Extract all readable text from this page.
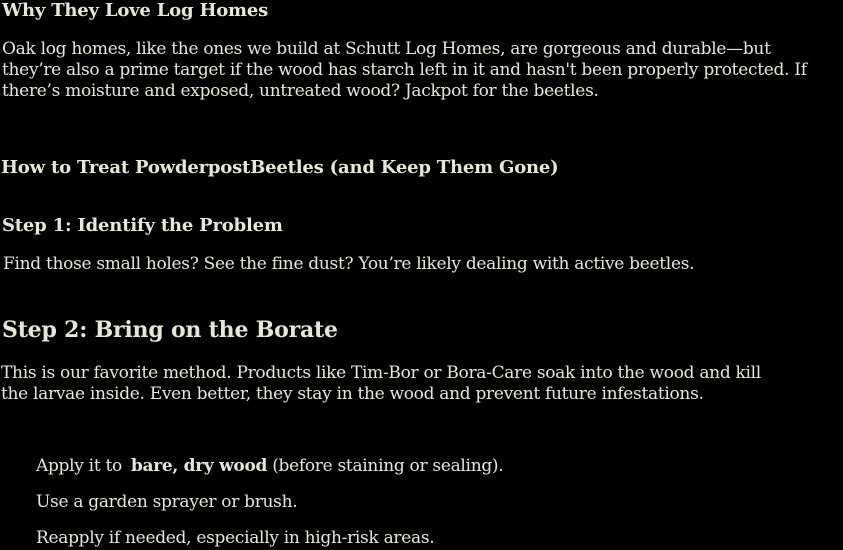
Why They Love Log Homes
Oak log homes, like the ones we build at Schutt Log Homes, are gorgeous and durable—but
they’re also a prime target if the wood has starch left in it and hasn't been properly protected. If
there’s moisture and exposed, untreated wood? Jackpot for the beetles.
How to Treat PowderpostBeetles (and Keep Them Gone)
Step 1: Identify the Problem
Find those small holes? See the fine dust? You’re likely dealing with active beetles.
Step 2: Bring on the Borate
This is our favorite method. Products like Tim-Bor or Bora-Care soak into the wood and kill
the larvae inside. Even better, they stay in the wood and prevent future infestations.
Apply it to bare, dry wood (before staining or sealing).
Use a garden sprayer or brush.
Reapply if needed, especially in high-risk areas.
